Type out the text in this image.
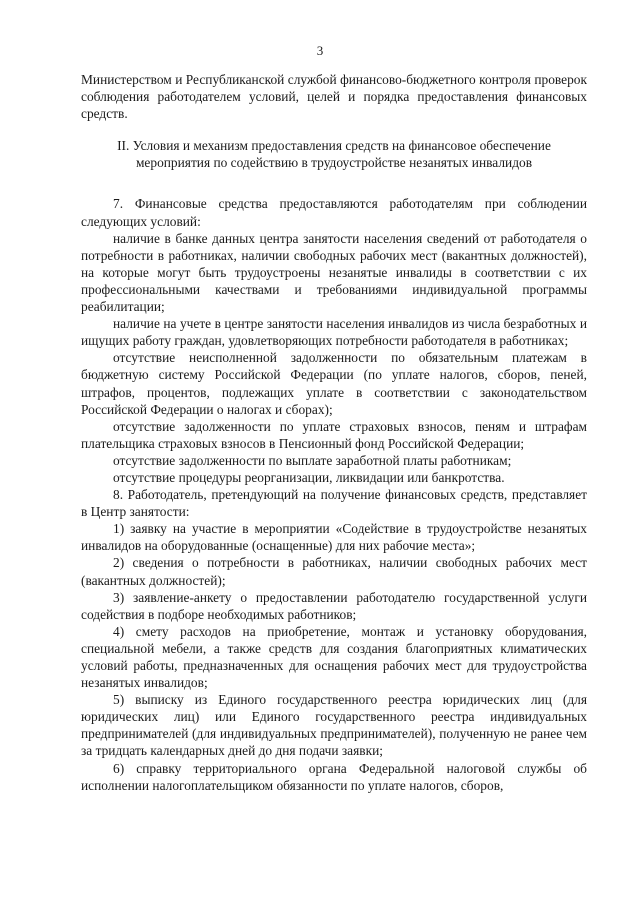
3

Министерством и Республиканской службой финансово-бюджетного контроля проверок соблюдения работодателем условий, целей и порядка предоставления финансовых средств.

II. Условия и механизм предоставления средств на финансовое обеспечение мероприятия по содействию в трудоустройстве незанятых инвалидов

7. Финансовые средства предоставляются работодателям при соблюдении следующих условий:

наличие в банке данных центра занятости населения сведений от работодателя о потребности в работниках, наличии свободных рабочих мест (вакантных должностей), на которые могут быть трудоустроены незанятые инвалиды в соответствии с их профессиональными качествами и требованиями индивидуальной программы реабилитации;

наличие на учете в центре занятости населения инвалидов из числа безработных и ищущих работу граждан, удовлетворяющих потребности работодателя в работниках;

отсутствие неисполненной задолженности по обязательным платежам в бюджетную систему Российской Федерации (по уплате налогов, сборов, пеней, штрафов, процентов, подлежащих уплате в соответствии с законодательством Российской Федерации о налогах и сборах);

отсутствие задолженности по уплате страховых взносов, пеням и штрафам плательщика страховых взносов в Пенсионный фонд Российской Федерации;

отсутствие задолженности по выплате заработной платы работникам;

отсутствие процедуры реорганизации, ликвидации или банкротства.

8. Работодатель, претендующий на получение финансовых средств, представляет в Центр занятости:

1) заявку на участие в мероприятии «Содействие в трудоустройстве незанятых инвалидов на оборудованные (оснащенные) для них рабочие места»;

2) сведения о потребности в работниках, наличии свободных рабочих мест (вакантных должностей);

3) заявление-анкету о предоставлении работодателю государственной услуги содействия в подборе необходимых работников;

4) смету расходов на приобретение, монтаж и установку оборудования, специальной мебели, а также средств для создания благоприятных климатических условий работы, предназначенных для оснащения рабочих мест для трудоустройства незанятых инвалидов;

5) выписку из Единого государственного реестра юридических лиц (для юридических лиц) или Единого государственного реестра индивидуальных предпринимателей (для индивидуальных предпринимателей), полученную не ранее чем за тридцать календарных дней до дня подачи заявки;

6) справку территориального органа Федеральной налоговой службы об исполнении налогоплательщиком обязанности по уплате налогов, сборов,
